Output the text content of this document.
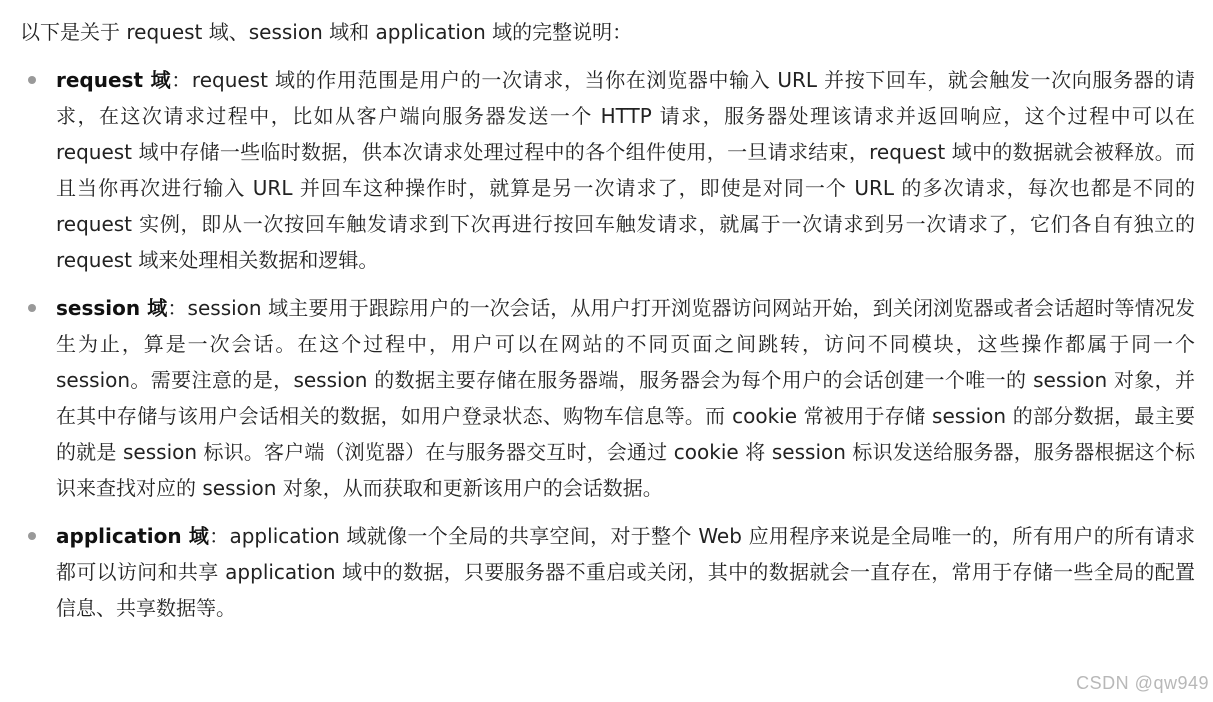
以下是关于 request 域、session 域和 application 域的完整说明：

request 域：request 域的作用范围是用户的一次请求，当你在浏览器中输入 URL 并按下回车，就会触发一次向服务器的请求，在这次请求过程中，比如从客户端向服务器发送一个 HTTP 请求，服务器处理该请求并返回响应，这个过程中可以在 request 域中存储一些临时数据，供本次请求处理过程中的各个组件使用，一旦请求结束，request 域中的数据就会被释放。而且当你再次进行输入 URL 并回车这种操作时，就算是另一次请求了，即使是对同一个 URL 的多次请求，每次也都是不同的 request 实例，即从一次按回车触发请求到下次再进行按回车触发请求，就属于一次请求到另一次请求了，它们各自有独立的 request 域来处理相关数据和逻辑。
session 域：session 域主要用于跟踪用户的一次会话，从用户打开浏览器访问网站开始，到关闭浏览器或者会话超时等情况发生为止，算是一次会话。在这个过程中，用户可以在网站的不同页面之间跳转，访问不同模块，这些操作都属于同一个 session。需要注意的是，session 的数据主要存储在服务器端，服务器会为每个用户的会话创建一个唯一的 session 对象，并在其中存储与该用户会话相关的数据，如用户登录状态、购物车信息等。而 cookie 常被用于存储 session 的部分数据，最主要的就是 session 标识。客户端（浏览器）在与服务器交互时，会通过 cookie 将 session 标识发送给服务器，服务器根据这个标识来查找对应的 session 对象，从而获取和更新该用户的会话数据。
application 域：application 域就像一个全局的共享空间，对于整个 Web 应用程序来说是全局唯一的，所有用户的所有请求都可以访问和共享 application 域中的数据，只要服务器不重启或关闭，其中的数据就会一直存在，常用于存储一些全局的配置信息、共享数据等。
CSDN @qw949
